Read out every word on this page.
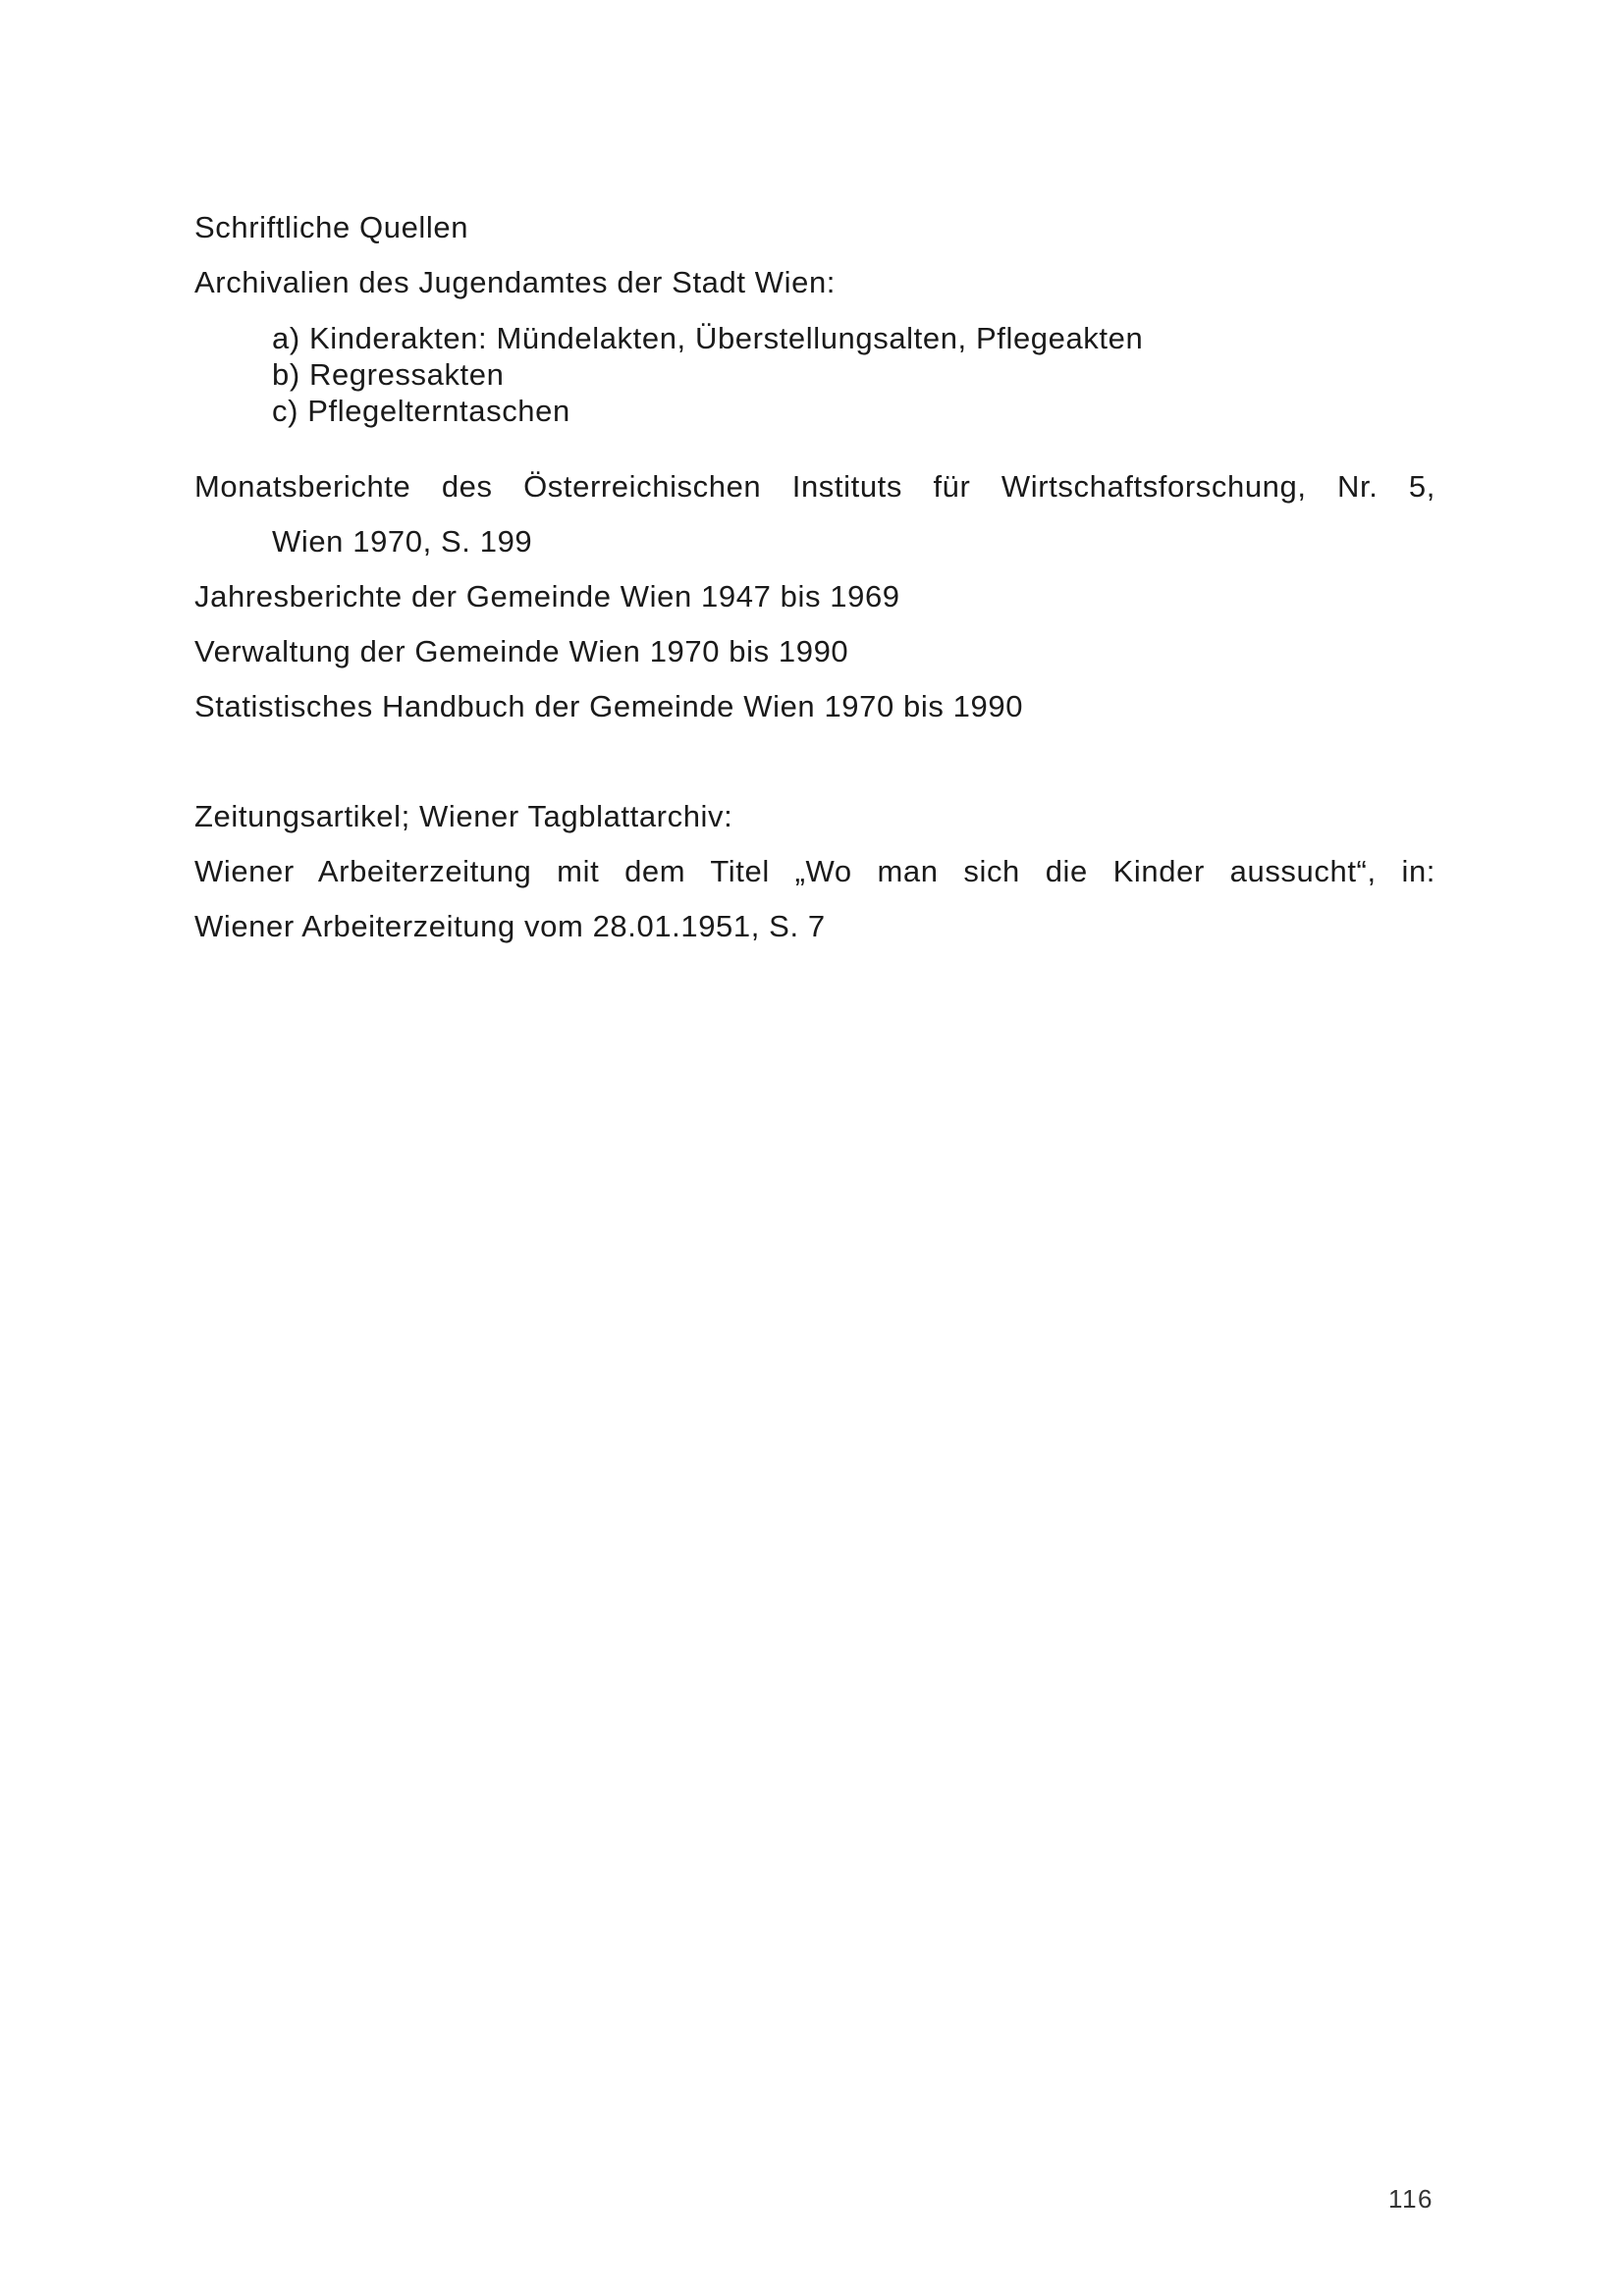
Schriftliche Quellen
Archivalien des Jugendamtes der Stadt Wien:
a) Kinderakten: Mündelakten, Überstellungsalten, Pflegeakten
b) Regressakten
c) Pflegelterntaschen
Monatsberichte des Österreichischen Instituts für Wirtschaftsforschung, Nr. 5,
Wien 1970, S. 199
Jahresberichte der Gemeinde Wien 1947 bis 1969
Verwaltung der Gemeinde Wien 1970 bis 1990
Statistisches Handbuch der Gemeinde Wien 1970 bis 1990
Zeitungsartikel; Wiener Tagblattarchiv:
Wiener Arbeiterzeitung mit dem Titel „Wo man sich die Kinder aussucht“, in:
Wiener Arbeiterzeitung vom 28.01.1951, S. 7
116
